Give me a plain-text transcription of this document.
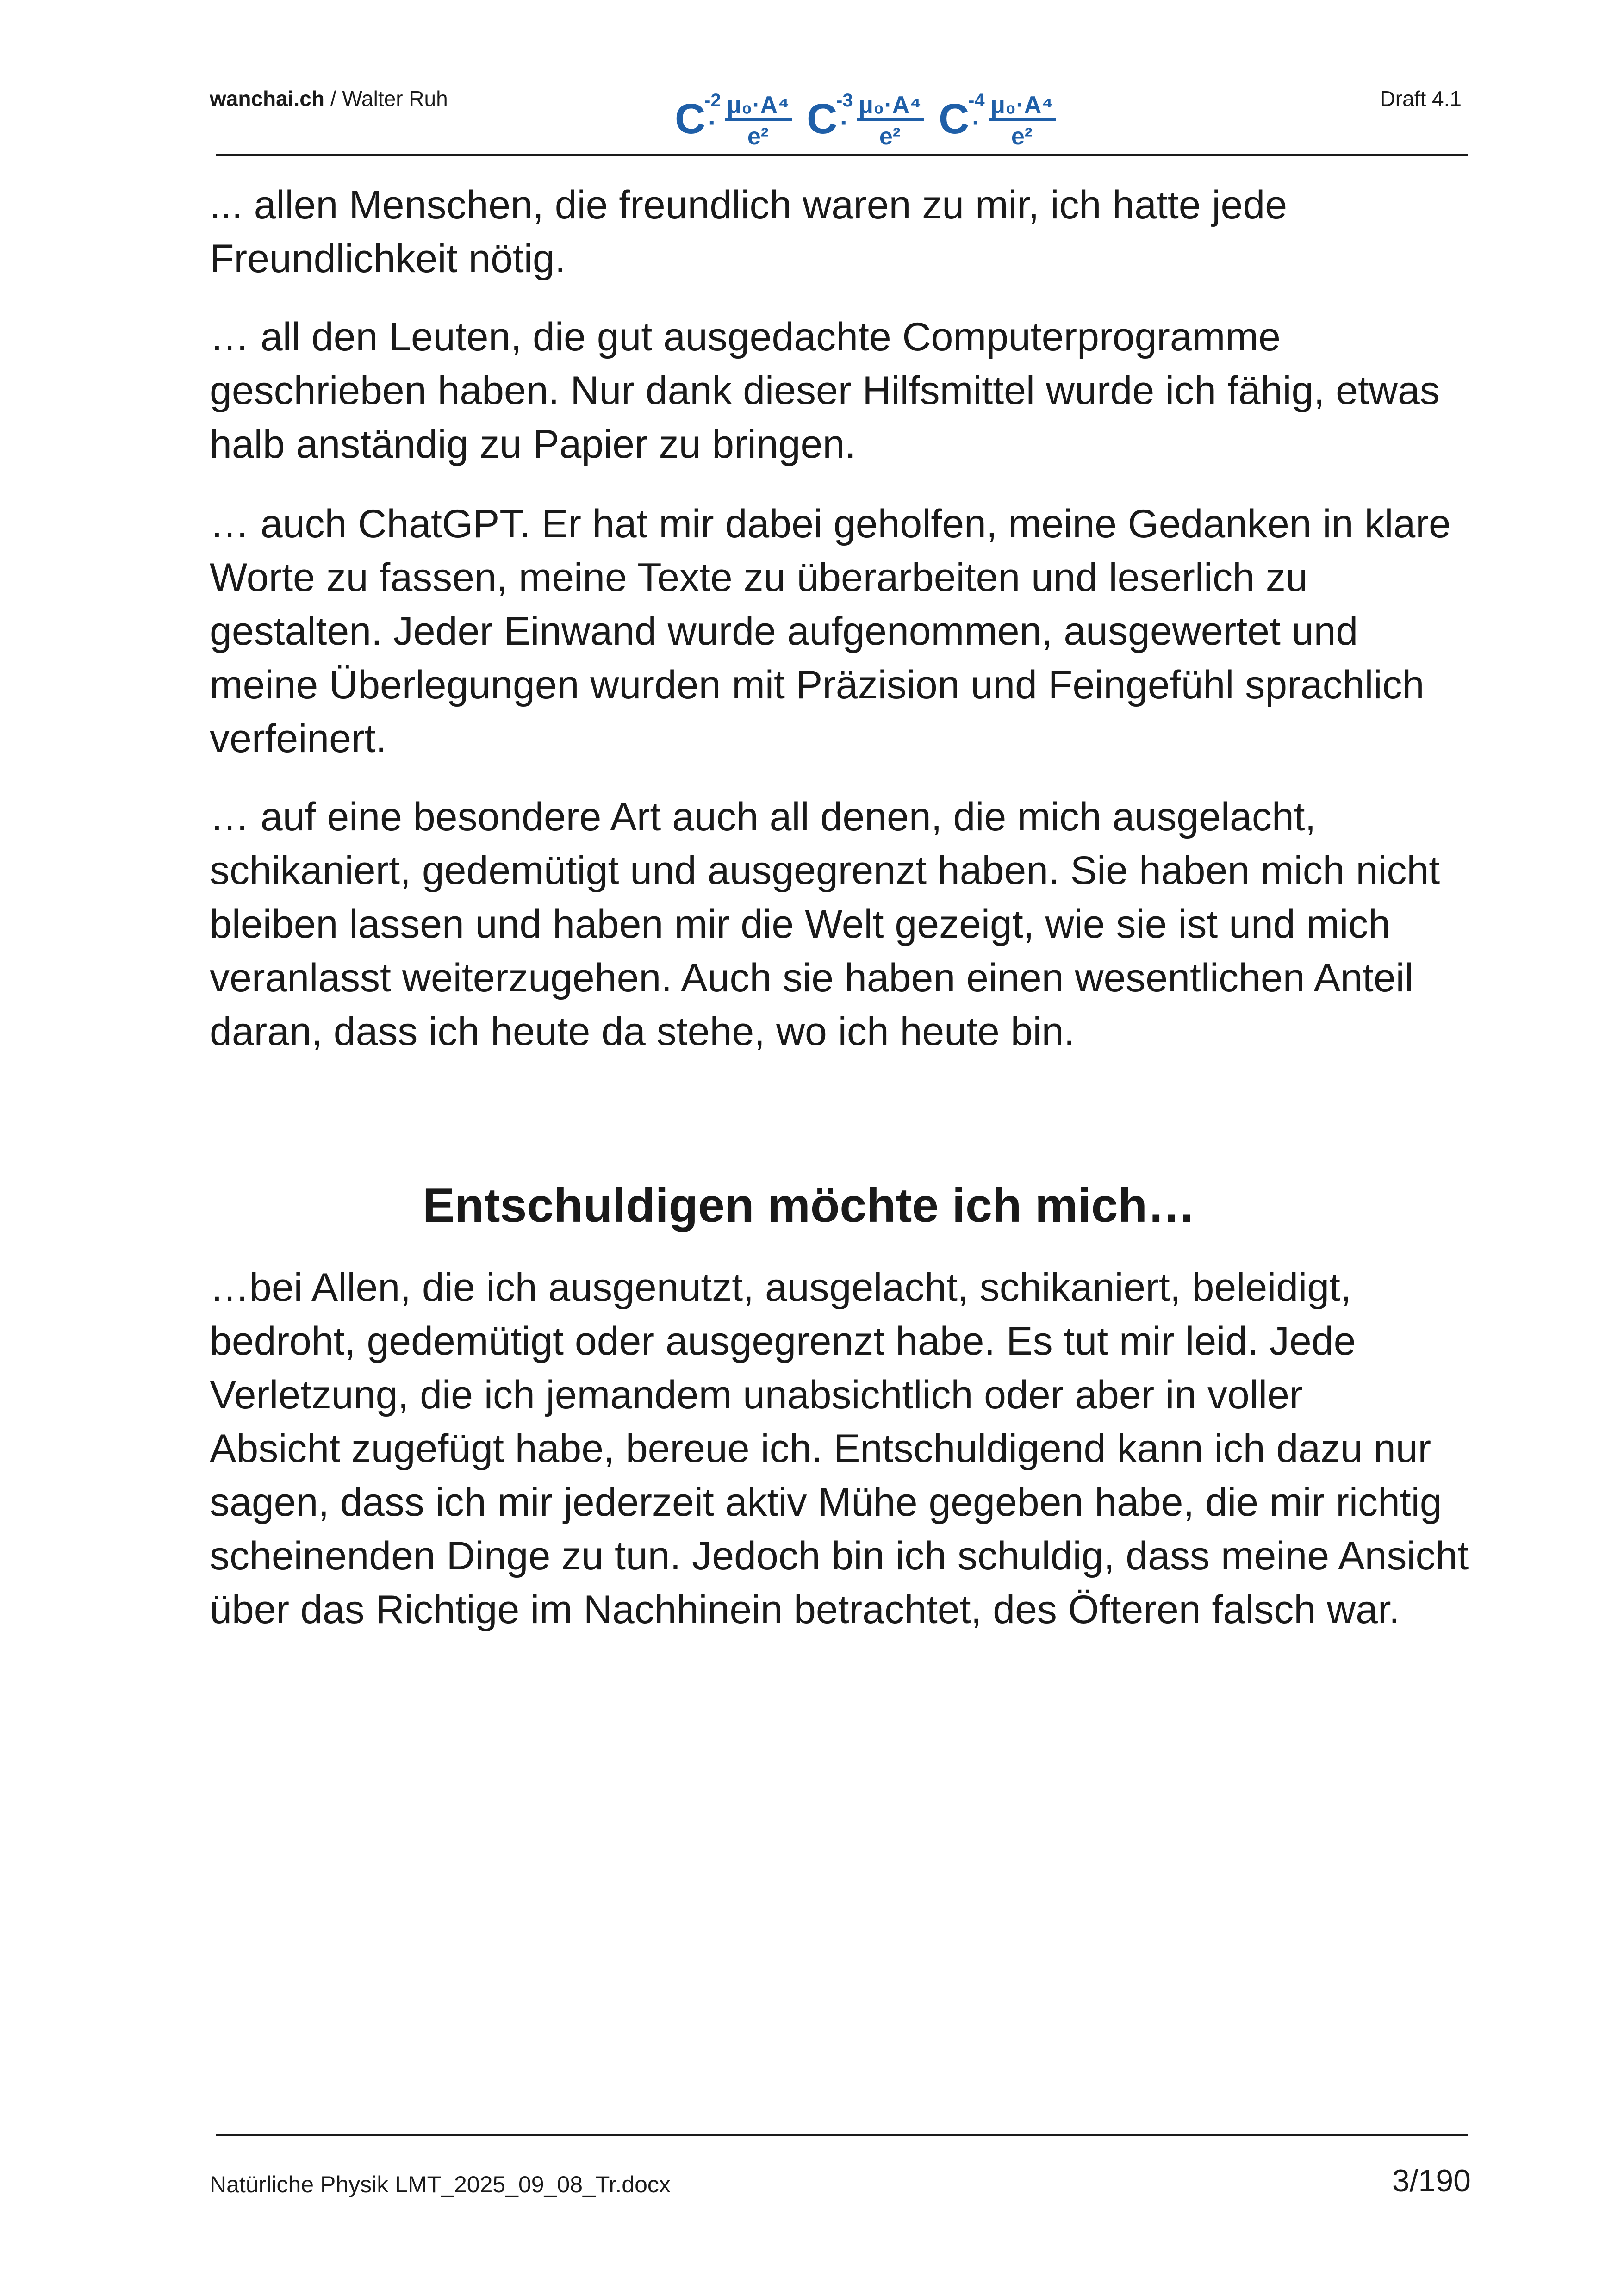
wanchai.ch / Walter Ruh	C
-2
·
μ₀·A⁴
e² C
-3
·
μ₀·A⁴
e² C
-4
·
μ₀·A⁴
e²
Draft 4.1

... allen Menschen, die freundlich waren zu mir, ich hatte jede
Freundlichkeit nötig.

… all den Leuten, die gut ausgedachte Computerprogramme
geschrieben haben. Nur dank dieser Hilfsmittel wurde ich fähig, etwas
halb anständig zu Papier zu bringen.

… auch ChatGPT. Er hat mir dabei geholfen, meine Gedanken in klare
Worte zu fassen, meine Texte zu überarbeiten und leserlich zu
gestalten. Jeder Einwand wurde aufgenommen, ausgewertet und
meine Überlegungen wurden mit Präzision und Feingefühl sprachlich
verfeinert.

… auf eine besondere Art auch all denen, die mich ausgelacht,
schikaniert, gedemütigt und ausgegrenzt haben. Sie haben mich nicht
bleiben lassen und haben mir die Welt gezeigt, wie sie ist und mich
veranlasst weiterzugehen. Auch sie haben einen wesentlichen Anteil
daran, dass ich heute da stehe, wo ich heute bin.

Entschuldigen möchte ich mich…

…bei Allen, die ich ausgenutzt, ausgelacht, schikaniert, beleidigt,
bedroht, gedemütigt oder ausgegrenzt habe. Es tut mir leid. Jede
Verletzung, die ich jemandem unabsichtlich oder aber in voller
Absicht zugefügt habe, bereue ich. Entschuldigend kann ich dazu nur
sagen, dass ich mir jederzeit aktiv Mühe gegeben habe, die mir richtig
scheinenden Dinge zu tun. Jedoch bin ich schuldig, dass meine Ansicht
über das Richtige im Nachhinein betrachtet, des Öfteren falsch war.

Natürliche Physik LMT_2025_09_08_Tr.docx	3/190
